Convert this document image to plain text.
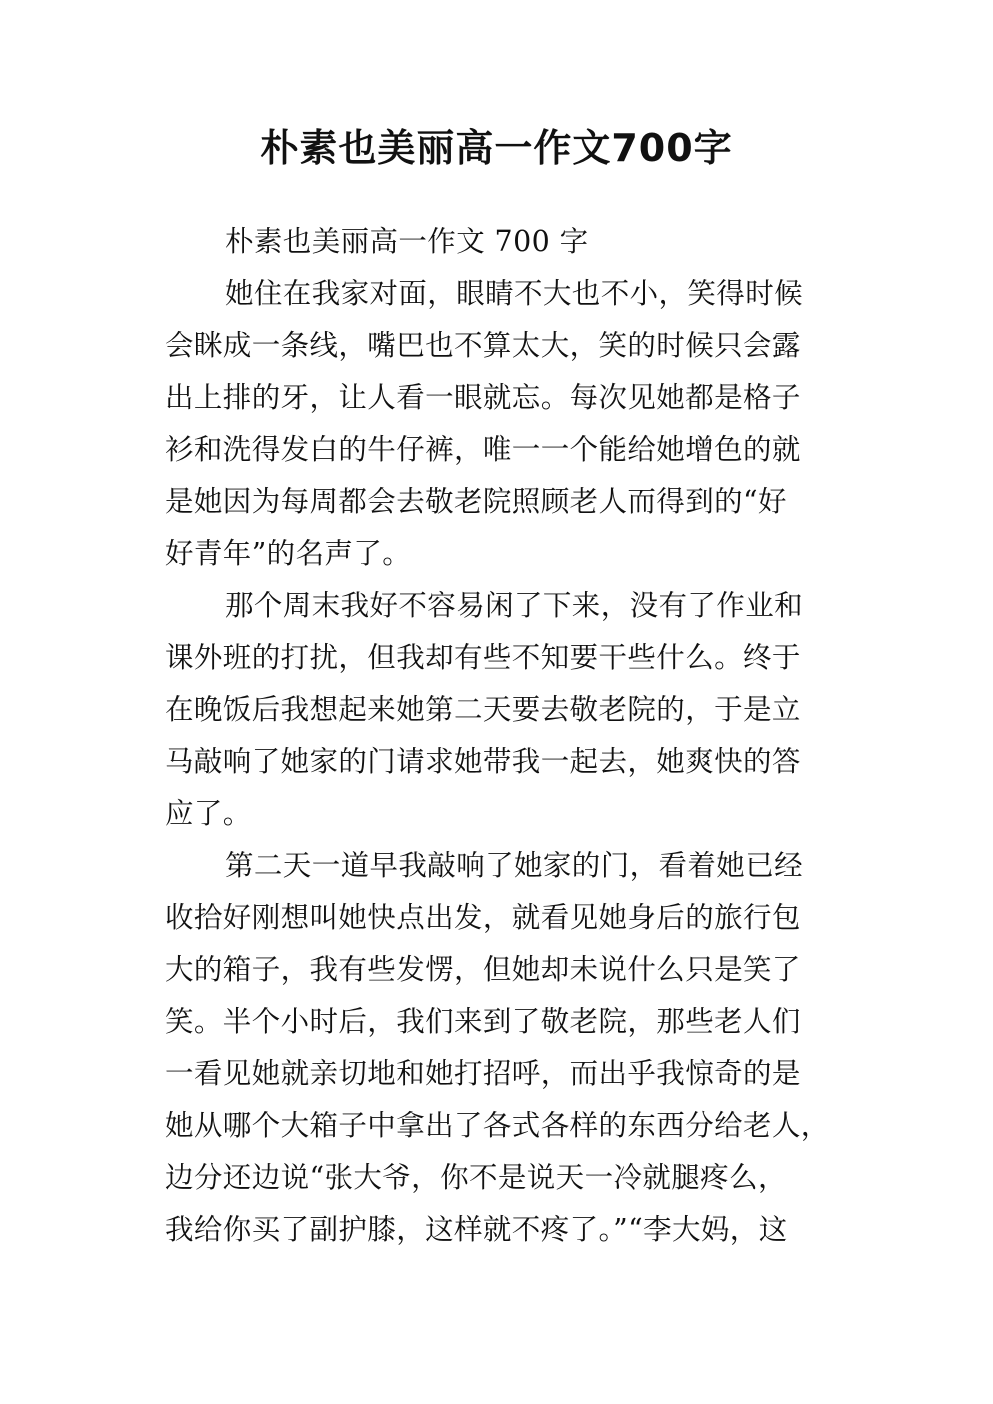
朴素也美丽高一作文700字
朴素也美丽高一作文 700 字
她住在我家对面，眼睛不大也不小，笑得时候
会眯成一条线，嘴巴也不算太大，笑的时候只会露
出上排的牙，让人看一眼就忘。每次见她都是格子
衫和洗得发白的牛仔裤，唯一一个能给她增色的就
是她因为每周都会去敬老院照顾老人而得到的“好
好青年”的名声了。
那个周末我好不容易闲了下来，没有了作业和
课外班的打扰，但我却有些不知要干些什么。终于
在晚饭后我想起来她第二天要去敬老院的，于是立
马敲响了她家的门请求她带我一起去，她爽快的答
应了。
第二天一道早我敲响了她家的门，看着她已经
收拾好刚想叫她快点出发，就看见她身后的旅行包
大的箱子，我有些发愣，但她却未说什么只是笑了
笑。半个小时后，我们来到了敬老院，那些老人们
一看见她就亲切地和她打招呼，而出乎我惊奇的是
她从哪个大箱子中拿出了各式各样的东西分给老人，
边分还边说“张大爷，你不是说天一冷就腿疼么，
我给你买了副护膝，这样就不疼了。”“李大妈，这
